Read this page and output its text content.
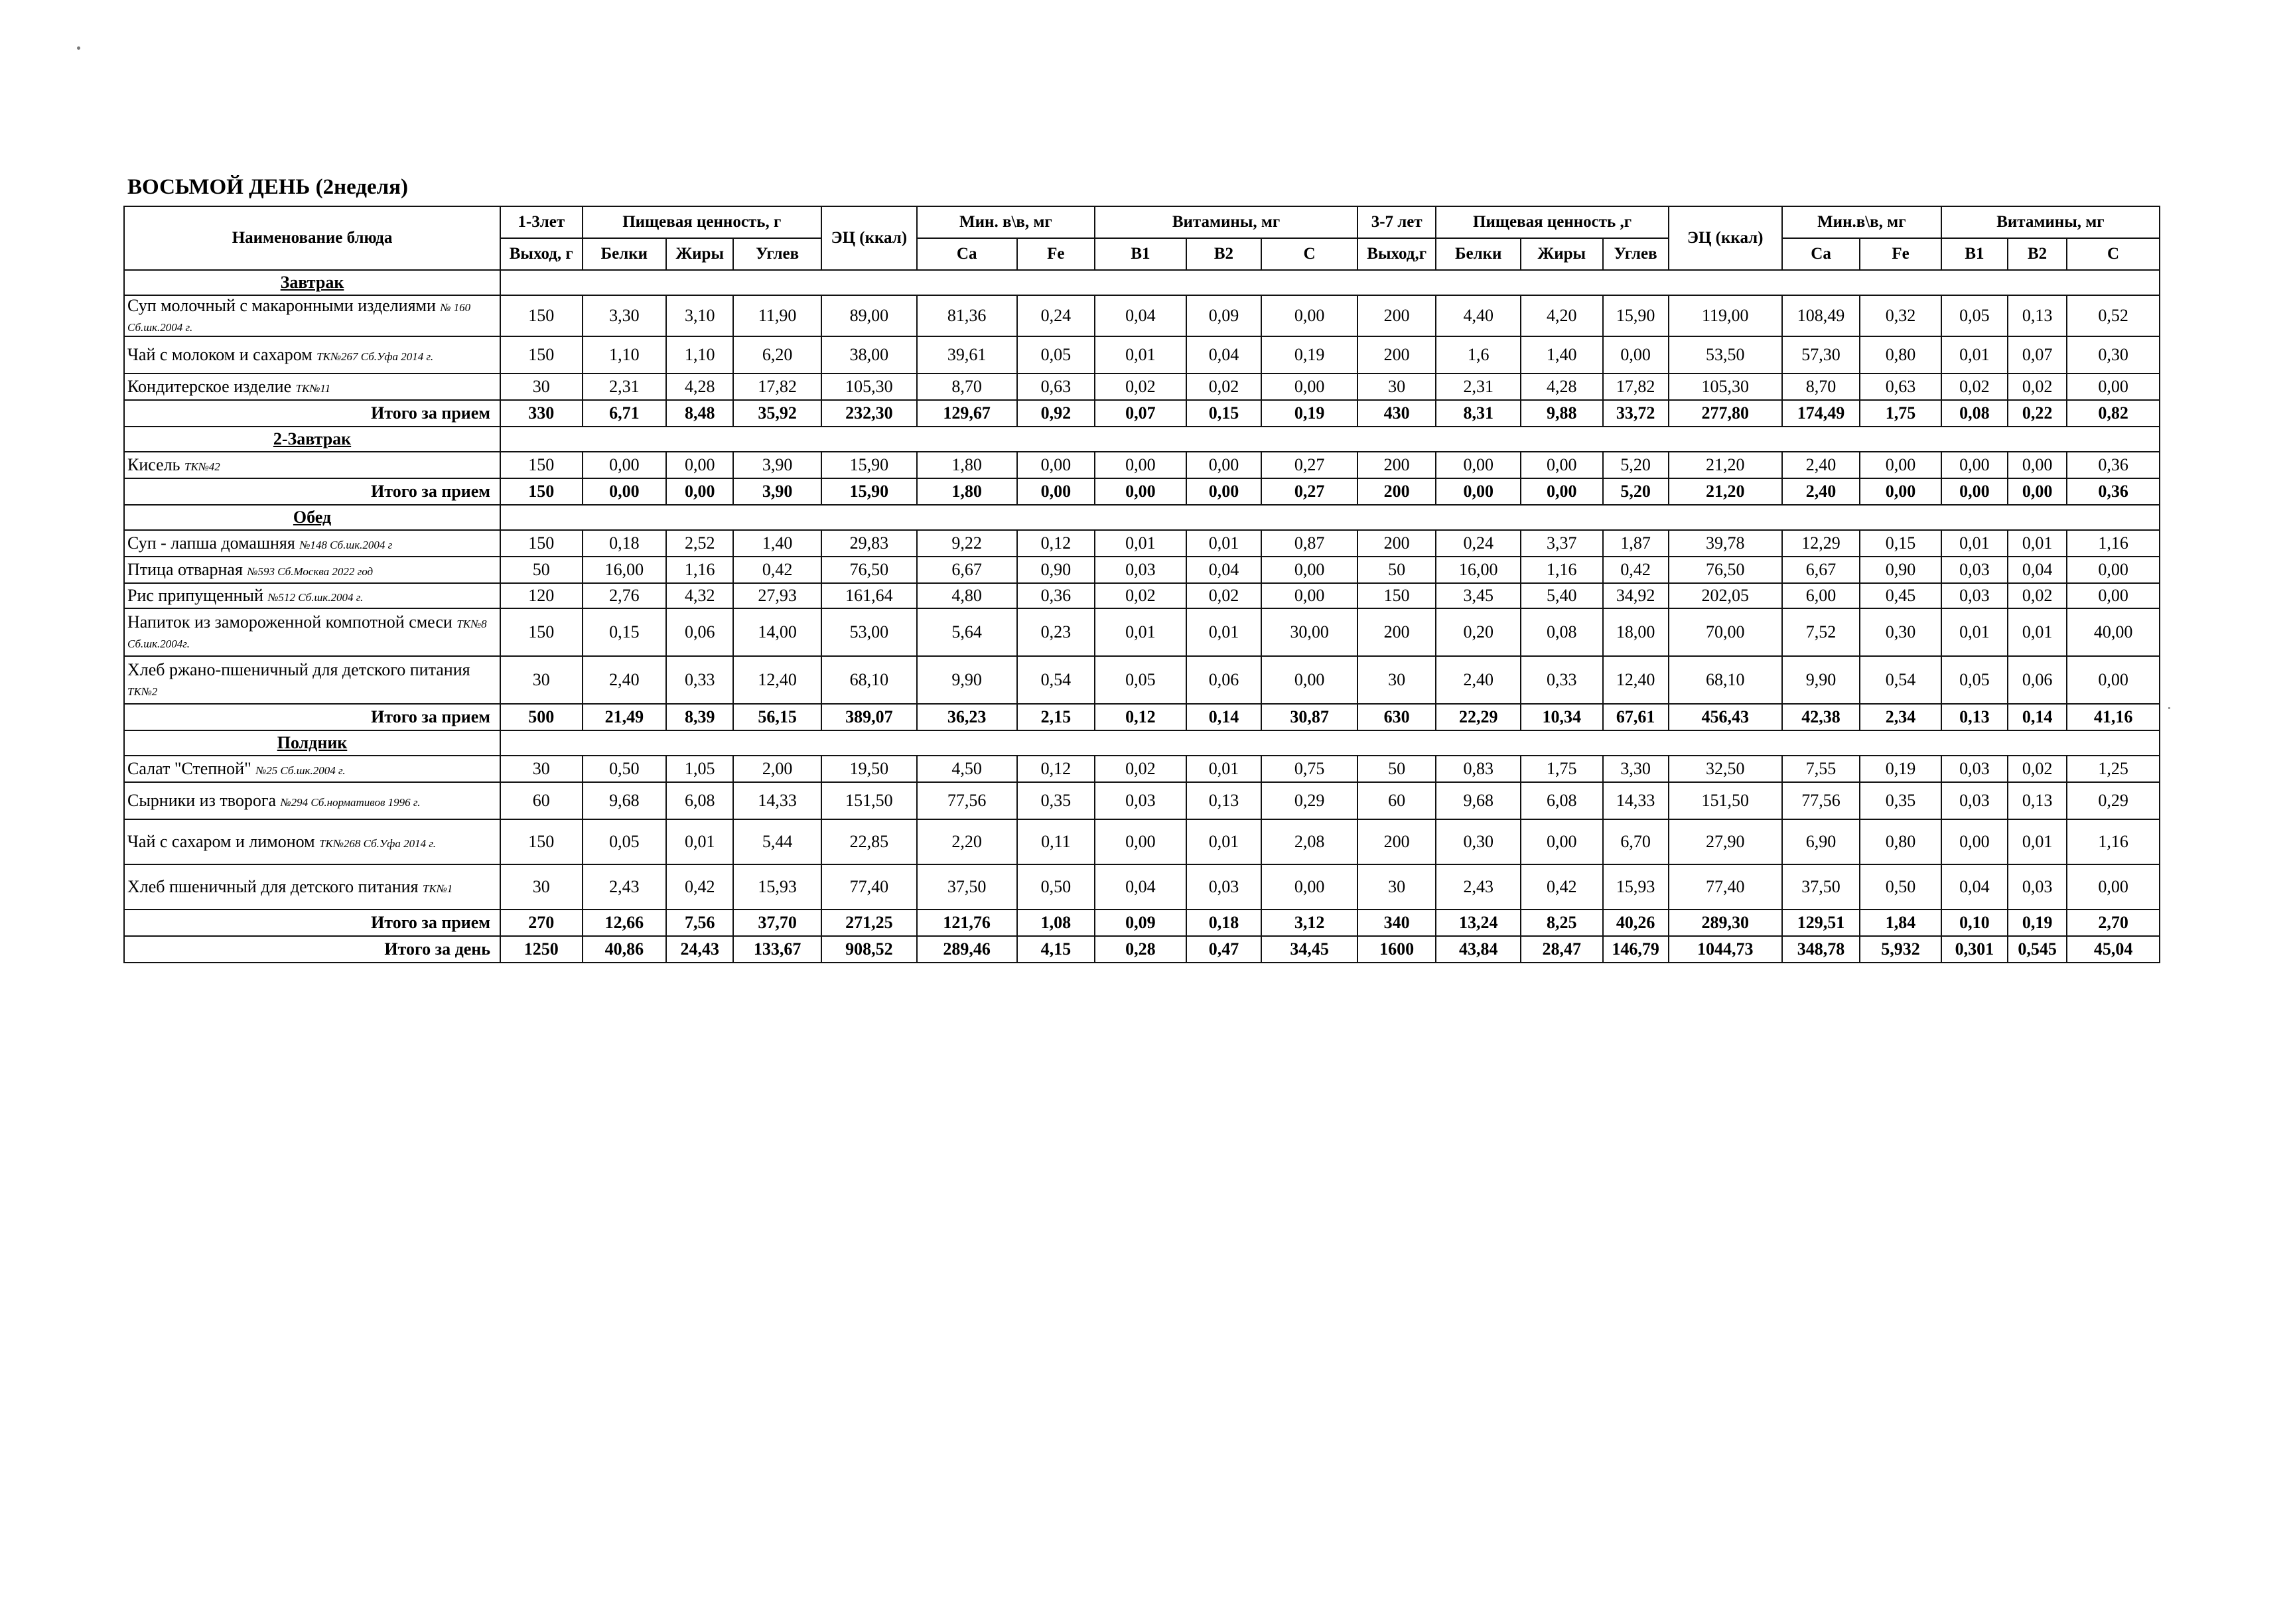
ВОСЬМОЙ ДЕНЬ (2неделя)
Наименование блюда	1-3лет	Пищевая ценность, г			ЭЦ (ккал)	Мин. в\в, мг		Витамины, мг			3-7 лет	Пищевая ценность ,г			ЭЦ (ккал)	Мин.в\в, мг		Витамины, мг		
	Выход, г	Белки	Жиры	Углев		Ca	Fe	B1	B2	C	Выход,г	Белки	Жиры	Углев		Ca	Fe	B1	B2	C
Завтрак																				
Суп молочный с макаронными изделиями № 160 Сб.шк.2004 г.	150	3,30	3,10	11,90	89,00	81,36	0,24	0,04	0,09	0,00	200	4,40	4,20	15,90	119,00	108,49	0,32	0,05	0,13	0,52
Чай с молоком и сахаром ТК№267 Сб.Уфа 2014 г.	150	1,10	1,10	6,20	38,00	39,61	0,05	0,01	0,04	0,19	200	1,6	1,40	0,00	53,50	57,30	0,80	0,01	0,07	0,30
Кондитерское изделие ТК№11	30	2,31	4,28	17,82	105,30	8,70	0,63	0,02	0,02	0,00	30	2,31	4,28	17,82	105,30	8,70	0,63	0,02	0,02	0,00
Итого за прием	330	6,71	8,48	35,92	232,30	129,67	0,92	0,07	0,15	0,19	430	8,31	9,88	33,72	277,80	174,49	1,75	0,08	0,22	0,82
2-Завтрак																				
Кисель ТК№42	150	0,00	0,00	3,90	15,90	1,80	0,00	0,00	0,00	0,27	200	0,00	0,00	5,20	21,20	2,40	0,00	0,00	0,00	0,36
Итого за прием	150	0,00	0,00	3,90	15,90	1,80	0,00	0,00	0,00	0,27	200	0,00	0,00	5,20	21,20	2,40	0,00	0,00	0,00	0,36
Обед																				
Суп - лапша домашняя №148 Сб.шк.2004 г	150	0,18	2,52	1,40	29,83	9,22	0,12	0,01	0,01	0,87	200	0,24	3,37	1,87	39,78	12,29	0,15	0,01	0,01	1,16
Птица отварная №593 Сб.Москва 2022 год	50	16,00	1,16	0,42	76,50	6,67	0,90	0,03	0,04	0,00	50	16,00	1,16	0,42	76,50	6,67	0,90	0,03	0,04	0,00
Рис припущенный №512 Сб.шк.2004 г.	120	2,76	4,32	27,93	161,64	4,80	0,36	0,02	0,02	0,00	150	3,45	5,40	34,92	202,05	6,00	0,45	0,03	0,02	0,00
Напиток из замороженной компотной смеси ТК№8 Сб.шк.2004г.	150	0,15	0,06	14,00	53,00	5,64	0,23	0,01	0,01	30,00	200	0,20	0,08	18,00	70,00	7,52	0,30	0,01	0,01	40,00
Хлеб ржано-пшеничный для детского питания ТК№2	30	2,40	0,33	12,40	68,10	9,90	0,54	0,05	0,06	0,00	30	2,40	0,33	12,40	68,10	9,90	0,54	0,05	0,06	0,00
Итого за прием	500	21,49	8,39	56,15	389,07	36,23	2,15	0,12	0,14	30,87	630	22,29	10,34	67,61	456,43	42,38	2,34	0,13	0,14	41,16
Полдник																				
Салат "Степной" №25 Сб.шк.2004 г.	30	0,50	1,05	2,00	19,50	4,50	0,12	0,02	0,01	0,75	50	0,83	1,75	3,30	32,50	7,55	0,19	0,03	0,02	1,25
Сырники из творога №294 Сб.нормативов 1996 г.	60	9,68	6,08	14,33	151,50	77,56	0,35	0,03	0,13	0,29	60	9,68	6,08	14,33	151,50	77,56	0,35	0,03	0,13	0,29
Чай с сахаром и лимоном ТК№268 Сб.Уфа 2014 г.	150	0,05	0,01	5,44	22,85	2,20	0,11	0,00	0,01	2,08	200	0,30	0,00	6,70	27,90	6,90	0,80	0,00	0,01	1,16
Хлеб пшеничный для детского питания ТК№1	30	2,43	0,42	15,93	77,40	37,50	0,50	0,04	0,03	0,00	30	2,43	0,42	15,93	77,40	37,50	0,50	0,04	0,03	0,00
Итого за прием	270	12,66	7,56	37,70	271,25	121,76	1,08	0,09	0,18	3,12	340	13,24	8,25	40,26	289,30	129,51	1,84	0,10	0,19	2,70
Итого за день	1250	40,86	24,43	133,67	908,52	289,46	4,15	0,28	0,47	34,45	1600	43,84	28,47	146,79	1044,73	348,78	5,932	0,301	0,545	45,04
